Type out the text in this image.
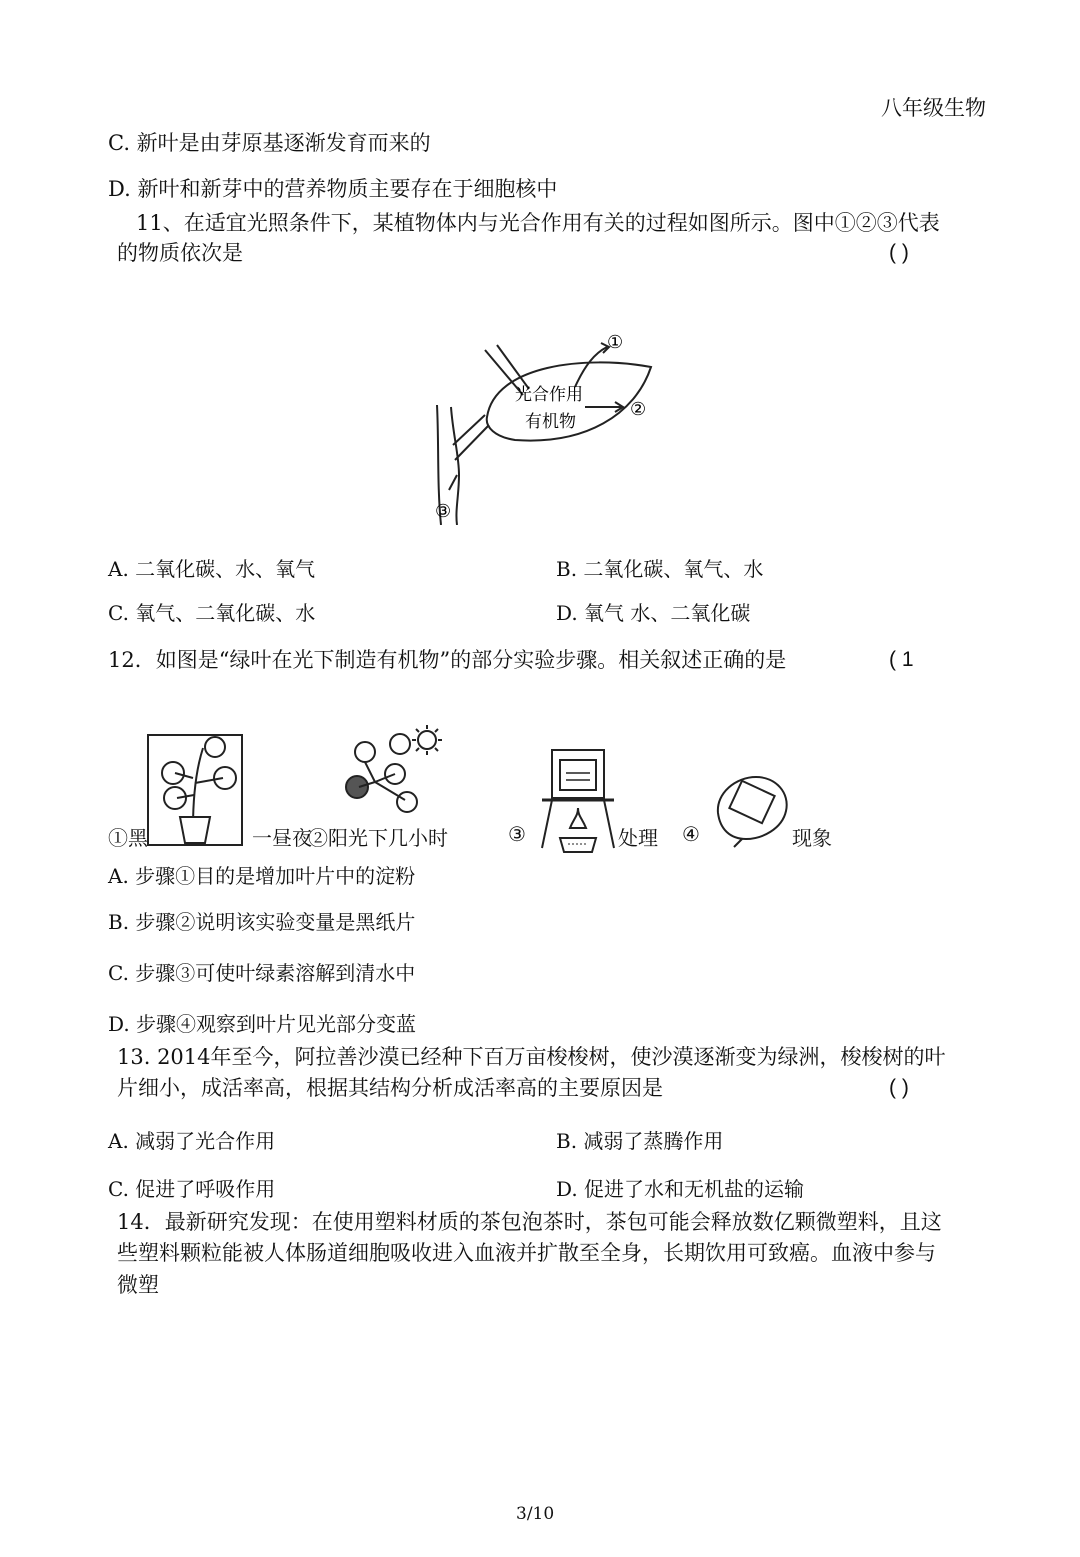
八年级生物
C. 新叶是由芽原基逐渐发育而来的
D. 新叶和新芽中的营养物质主要存在于细胞核中
11、在适宜光照条件下，某植物体内与光合作用有关的过程如图所示。图中①②③代表
的物质依次是	( )
①
②
③
光合作用
有机物
A. 二氧化碳、水、氧气	B. 二氧化碳、氧气、水
C. 氧气、二氧化碳、水	D. 氧气 水、二氧化碳
12．如图是“绿叶在光下制造有机物”的部分实验步骤。相关叙述正确的是	( 1
①黑	一昼夜
②阳光下几小时	③	处理 ④	现象
A. 步骤①目的是增加叶片中的淀粉
B. 步骤②说明该实验变量是黑纸片
C. 步骤③可使叶绿素溶解到清水中
D. 步骤④观察到叶片见光部分变蓝
13. 2014年至今，阿拉善沙漠已经种下百万亩梭梭树，使沙漠逐渐变为绿洲，梭梭树的叶
片细小，成活率高，根据其结构分析成活率高的主要原因是	( )
A. 减弱了光合作用	B. 减弱了蒸腾作用
C. 促进了呼吸作用	D. 促进了水和无机盐的运输
14．最新研究发现：在使用塑料材质的茶包泡茶时，茶包可能会释放数亿颗微塑料，且这
些塑料颗粒能被人体肠道细胞吸收进入血液并扩散至全身，长期饮用可致癌。血液中参与
微塑
3/10
